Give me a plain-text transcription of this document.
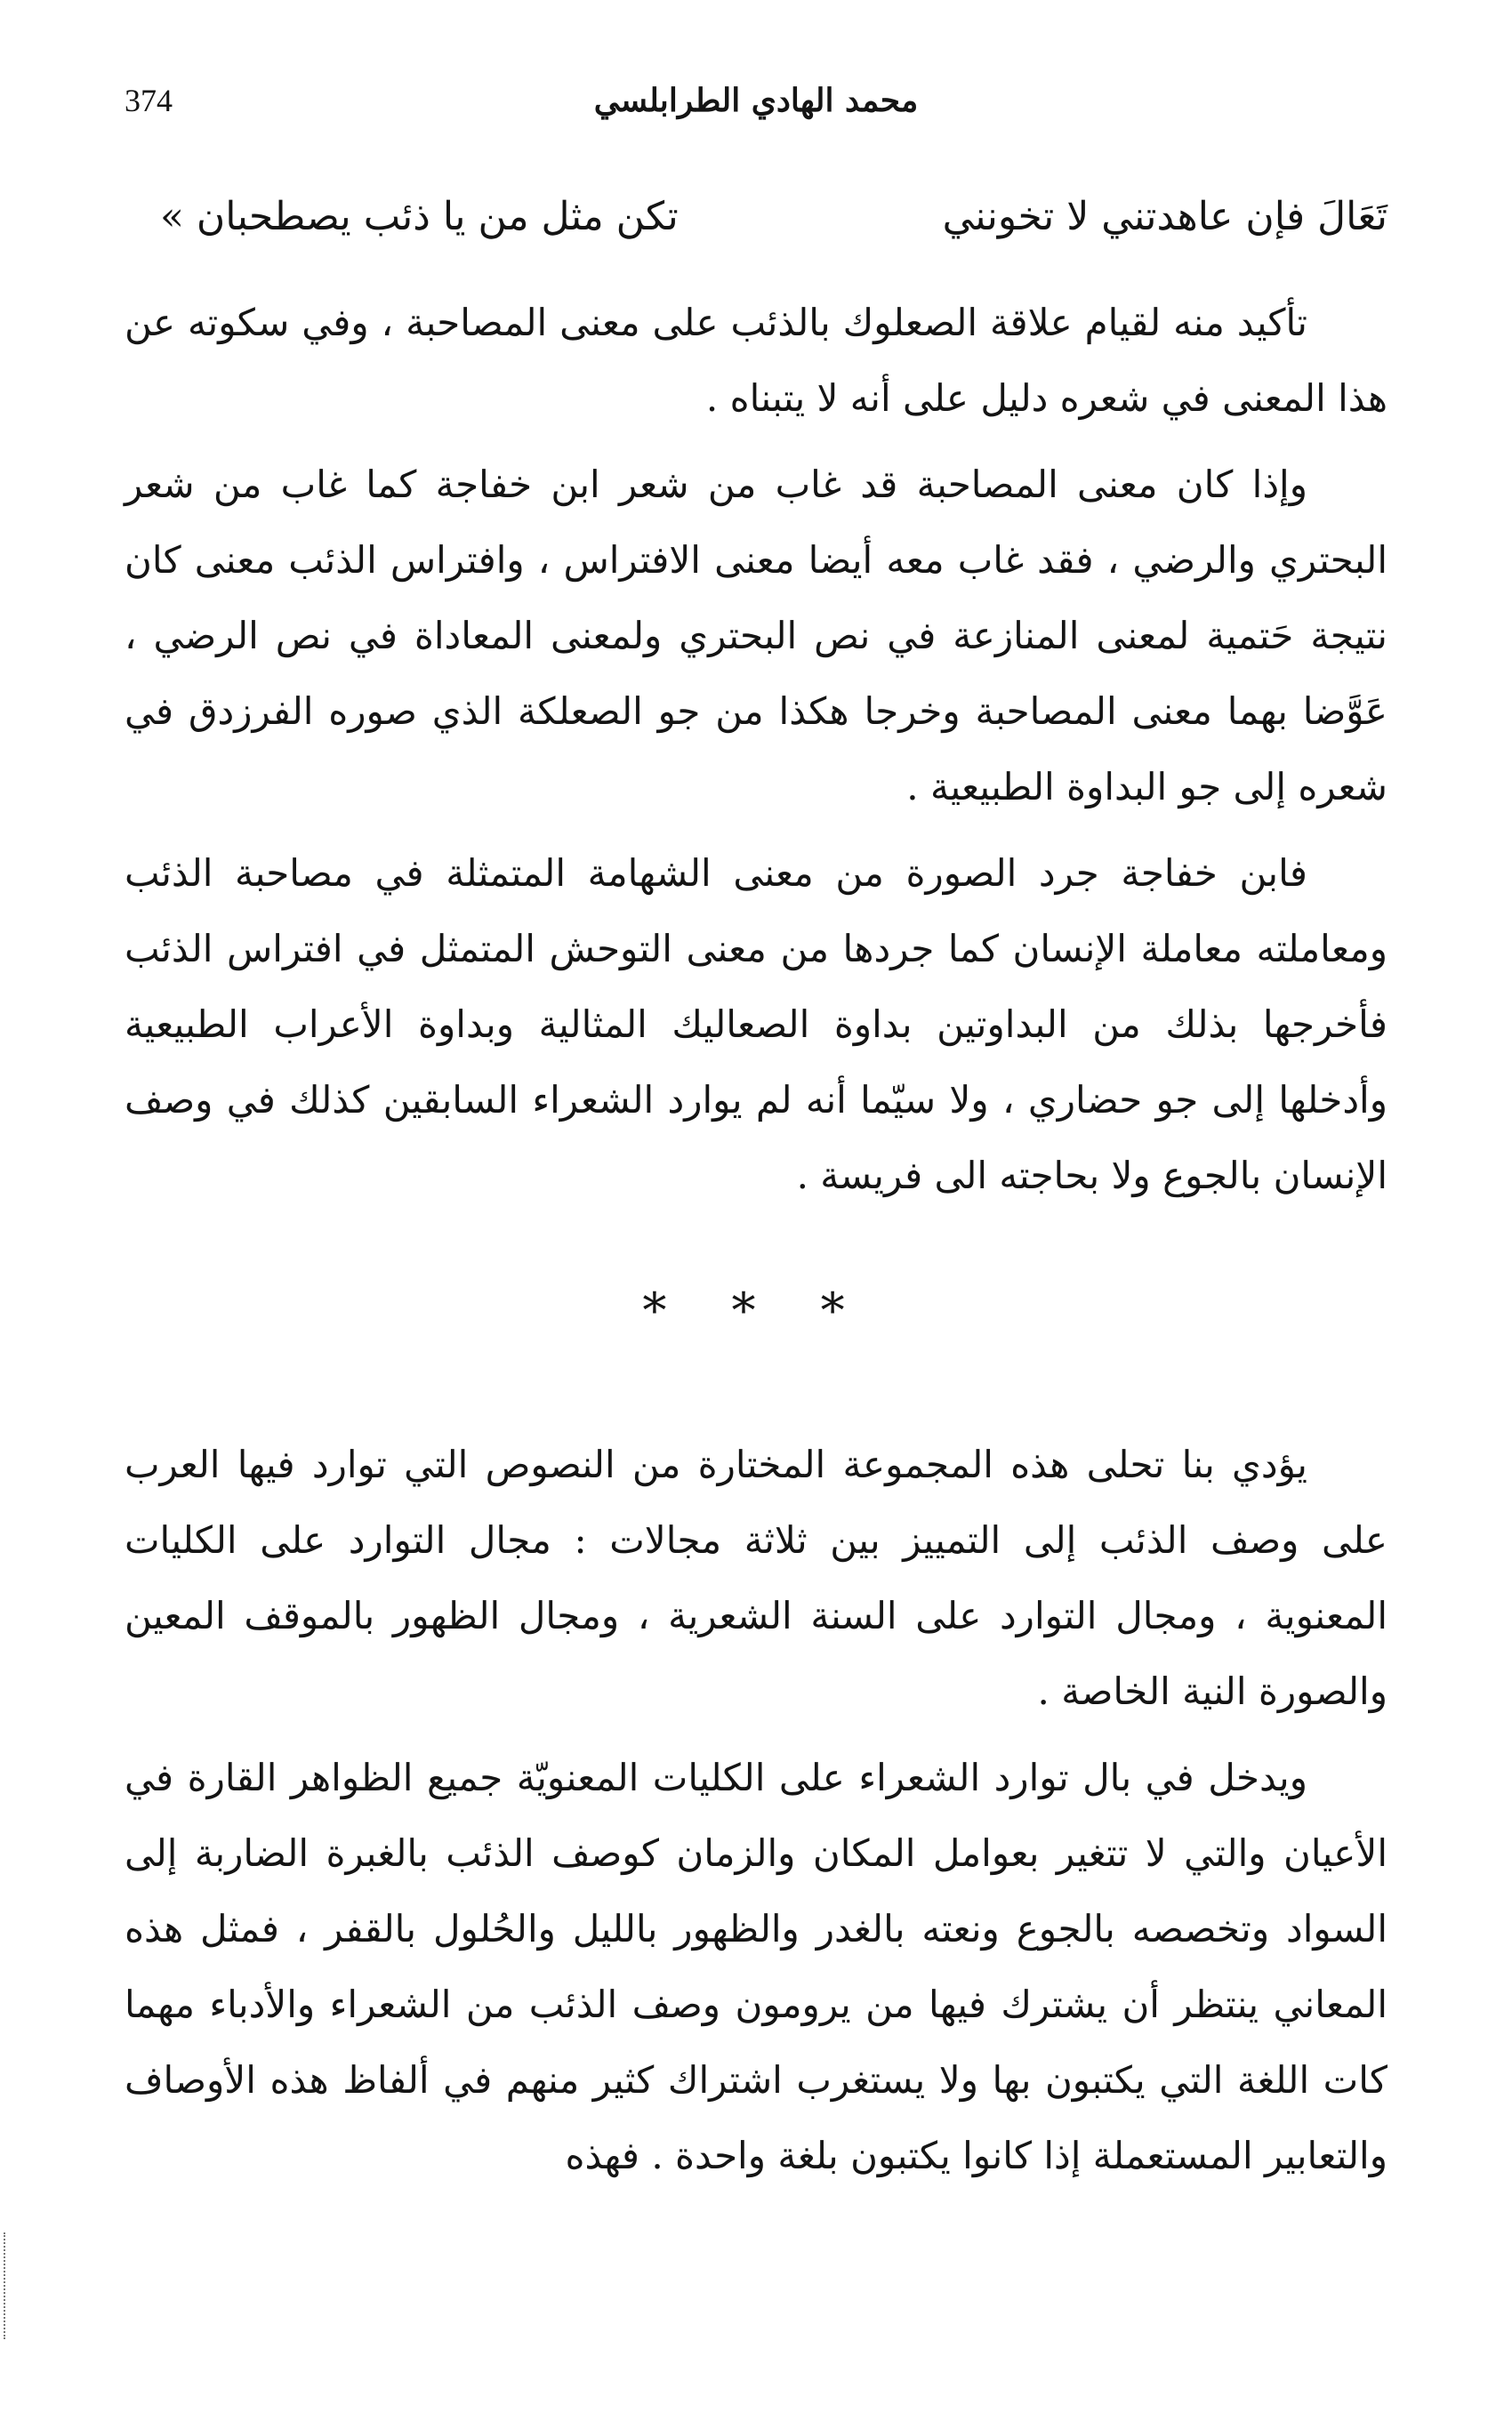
374	محمد الهادي الطرابلسي
تَعَالَ فإن عاهدتني لا تخونني
تكن مثل من يا ذئب يصطحبان »

تأكيد منه لقيام علاقة الصعلوك بالذئب على معنى المصاحبة ، وفي سكوته عن هذا المعنى في شعره دليل على أنه لا يتبناه .

وإذا كان معنى المصاحبة قد غاب من شعر ابن خفاجة كما غاب من شعر البحتري والرضي ، فقد غاب معه أيضا معنى الافتراس ، وافتراس الذئب معنى كان نتيجة حَتمية لمعنى المنازعة في نص البحتري ولمعنى المعاداة في نص الرضي ، عَوَّضا بهما معنى المصاحبة وخرجا هكذا من جو الصعلكة الذي صوره الفرزدق في شعره إلى جو البداوة الطبيعية .

فابن خفاجة جرد الصورة من معنى الشهامة المتمثلة في مصاحبة الذئب ومعاملته معاملة الإنسان كما جردها من معنى التوحش المتمثل في افتراس الذئب فأخرجها بذلك من البداوتين بداوة الصعاليك المثالية وبداوة الأعراب الطبيعية وأدخلها إلى جو حضاري ، ولا سيّما أنه لم يوارد الشعراء السابقين كذلك في وصف الإنسان بالجوع ولا بحاجته الى فريسة .

* * *

يؤدي بنا تحلى هذه المجموعة المختارة من النصوص التي توارد فيها العرب على وصف الذئب إلى التمييز بين ثلاثة مجالات : مجال التوارد على الكليات المعنوية ، ومجال التوارد على السنة الشعرية ، ومجال الظهور بالموقف المعين والصورة النية الخاصة .

ويدخل في بال توارد الشعراء على الكليات المعنويّة جميع الظواهر القارة في الأعيان والتي لا تتغير بعوامل المكان والزمان كوصف الذئب بالغبرة الضاربة إلى السواد وتخصصه بالجوع ونعته بالغدر والظهور بالليل والحُلول بالقفر ، فمثل هذه المعاني ينتظر أن يشترك فيها من يرومون وصف الذئب من الشعراء والأدباء مهما كات اللغة التي يكتبون بها ولا يستغرب اشتراك كثير منهم في ألفاظ هذه الأوصاف والتعابير المستعملة إذا كانوا يكتبون بلغة واحدة . فهذه
